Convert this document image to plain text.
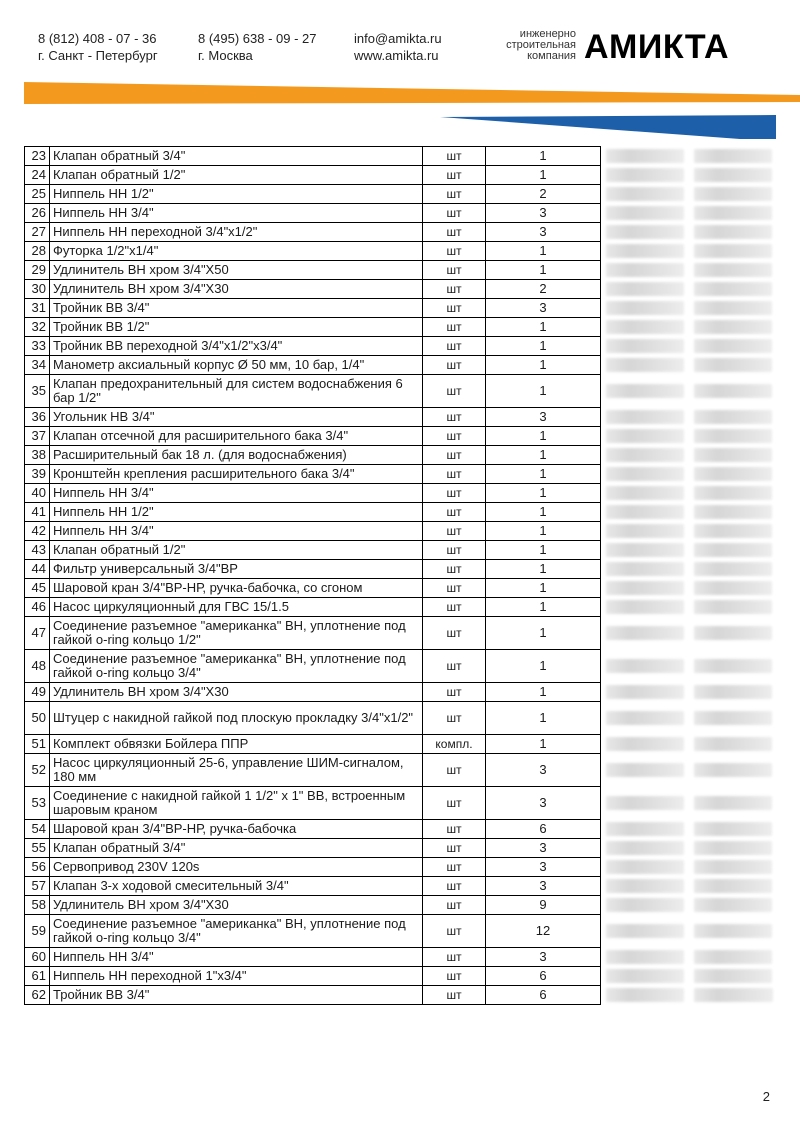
8 (812) 408 - 07 - 36
г. Санкт - Петербург
8 (495) 638 - 09 - 27
г. Москва
info@amikta.ru
www.amikta.ru
инженерно
строительная
компания АМИКТА
23	Клапан обратный 3/4"	шт	1	

24	Клапан обратный 1/2"	шт	1	

25	Ниппель НН 1/2"	шт	2	

26	Ниппель НН 3/4"	шт	3	

27	Ниппель НН переходной 3/4"х1/2"	шт	3	

28	Футорка 1/2"х1/4"	шт	1	

29	Удлинитель ВН хром 3/4"Х50	шт	1	

30	Удлинитель ВН хром 3/4"Х30	шт	2	

31	Тройник ВВ 3/4"	шт	3	

32	Тройник ВВ 1/2"	шт	1	

33	Тройник ВВ переходной 3/4"х1/2"х3/4"	шт	1	

34	Манометр аксиальный корпус Ø 50 мм, 10 бар, 1/4"	шт	1	

35	Клапан предохранительный для систем водоснабжения 6 бар 1/2"	шт	1	

36	Угольник НВ 3/4"	шт	3	

37	Клапан отсечной для расширительного бака 3/4"	шт	1	

38	Расширительный бак 18 л. (для водоснабжения)	шт	1	

39	Кронштейн крепления расширительного бака 3/4"	шт	1	

40	Ниппель НН 3/4"	шт	1	

41	Ниппель НН 1/2"	шт	1	

42	Ниппель НН 3/4"	шт	1	

43	Клапан обратный 1/2"	шт	1	

44	Фильтр универсальный 3/4"ВР	шт	1	

45	Шаровой кран 3/4"ВР-НР, ручка-бабочка, со сгоном	шт	1	

46	Насос циркуляционный для ГВС 15/1.5	шт	1	

47	Соединение разъемное "американка" ВН, уплотнение под гайкой o-ring кольцо 1/2"	шт	1	

48	Соединение разъемное "американка" ВН, уплотнение под гайкой o-ring кольцо 3/4"	шт	1	

49	Удлинитель ВН хром 3/4"Х30	шт	1	

50	Штуцер с накидной гайкой под плоскую прокладку 3/4"х1/2"	шт	1	

51	Комплект обвязки Бойлера ППР	компл.	1	

52	Насос циркуляционный 25-6, управление ШИМ-сигналом, 180 мм	шт	3	

53	Соединение с накидной гайкой 1 1/2" х 1" ВВ, встроенным шаровым краном	шт	3	

54	Шаровой кран 3/4"ВР-НР, ручка-бабочка	шт	6	

55	Клапан обратный 3/4"	шт	3	

56	Сервопривод 230V 120s	шт	3	

57	Клапан 3-х ходовой смесительный 3/4"	шт	3	

58	Удлинитель ВН хром 3/4"Х30	шт	9	

59	Соединение разъемное "американка" ВН, уплотнение под гайкой o-ring кольцо 3/4"	шт	12	

60	Ниппель НН 3/4"	шт	3	

61	Ниппель НН переходной 1"х3/4"	шт	6	

62	Тройник ВВ 3/4"	шт	6	

2
